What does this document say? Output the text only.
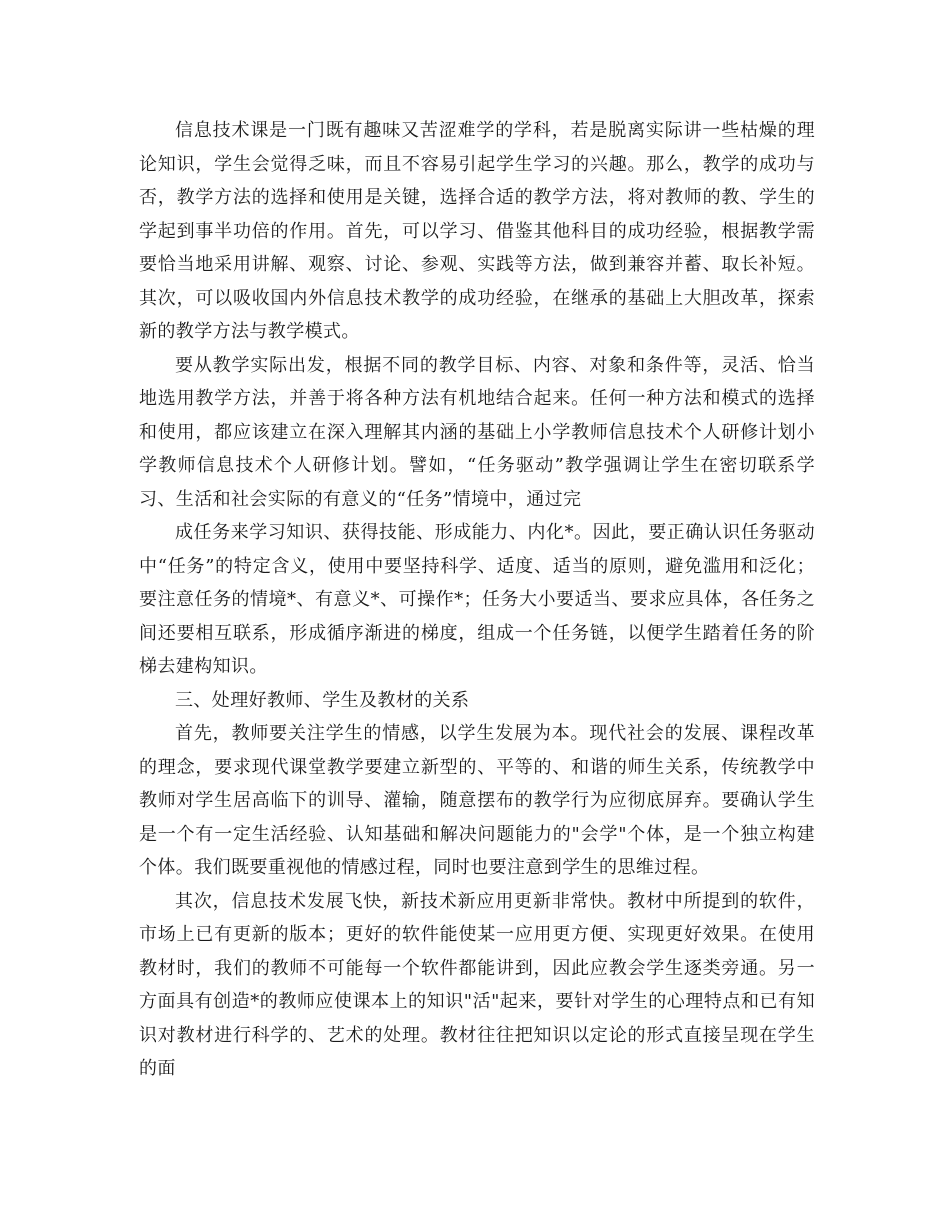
信息技术课是一门既有趣味又苦涩难学的学科，若是脱离实际讲一些枯燥的理论知识，学生会觉得乏味，而且不容易引起学生学习的兴趣。那么，教学的成功与否，教学方法的选择和使用是关键，选择合适的教学方法，将对教师的教、学生的学起到事半功倍的作用。首先，可以学习、借鉴其他科目的成功经验，根据教学需要恰当地采用讲解、观察、讨论、参观、实践等方法，做到兼容并蓄、取长补短。其次，可以吸收国内外信息技术教学的成功经验，在继承的基础上大胆改革，探索新的教学方法与教学模式。

要从教学实际出发，根据不同的教学目标、内容、对象和条件等，灵活、恰当地选用教学方法，并善于将各种方法有机地结合起来。任何一种方法和模式的选择和使用，都应该建立在深入理解其内涵的基础上小学教师信息技术个人研修计划小学教师信息技术个人研修计划。譬如，“任务驱动”教学强调让学生在密切联系学习、生活和社会实际的有意义的“任务”情境中，通过完

成任务来学习知识、获得技能、形成能力、内化*。因此，要正确认识任务驱动中“任务”的特定含义，使用中要坚持科学、适度、适当的原则，避免滥用和泛化；要注意任务的情境*、有意义*、可操作*；任务大小要适当、要求应具体，各任务之间还要相互联系，形成循序渐进的梯度，组成一个任务链，以便学生踏着任务的阶梯去建构知识。

三、处理好教师、学生及教材的关系

首先，教师要关注学生的情感，以学生发展为本。现代社会的发展、课程改革的理念，要求现代课堂教学要建立新型的、平等的、和谐的师生关系，传统教学中教师对学生居高临下的训导、灌输，随意摆布的教学行为应彻底屏弃。要确认学生是一个有一定生活经验、认知基础和解决问题能力的"会学"个体，是一个独立构建个体。我们既要重视他的情感过程，同时也要注意到学生的思维过程。

其次，信息技术发展飞快，新技术新应用更新非常快。教材中所提到的软件，市场上已有更新的版本；更好的软件能使某一应用更方便、实现更好效果。在使用教材时，我们的教师不可能每一个软件都能讲到，因此应教会学生逐类旁通。另一方面具有创造*的教师应使课本上的知识"活"起来，要针对学生的心理特点和已有知识对教材进行科学的、艺术的处理。教材往往把知识以定论的形式直接呈现在学生的面
